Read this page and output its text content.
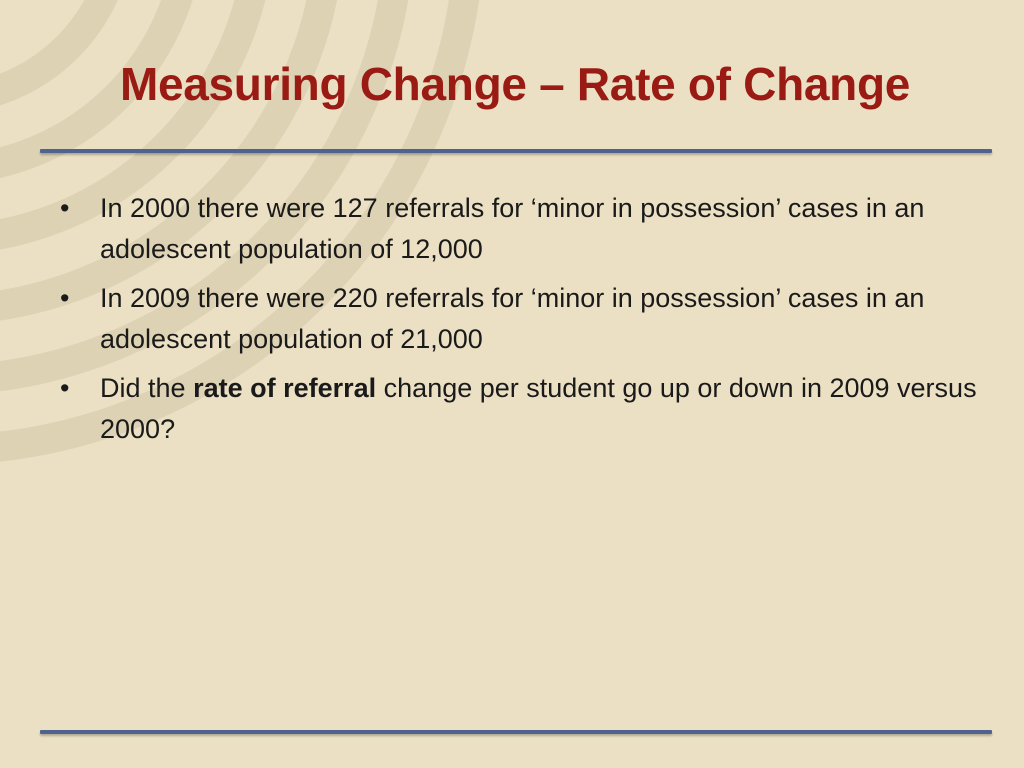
Measuring Change – Rate of Change
• In 2000 there were 127 referrals for ‘minor in possession’ cases in an adolescent population of 12,000
• In 2009 there were 220 referrals for ‘minor in possession’ cases in an adolescent population of 21,000
• Did the rate of referral change per student go up or down in 2009 versus 2000?
